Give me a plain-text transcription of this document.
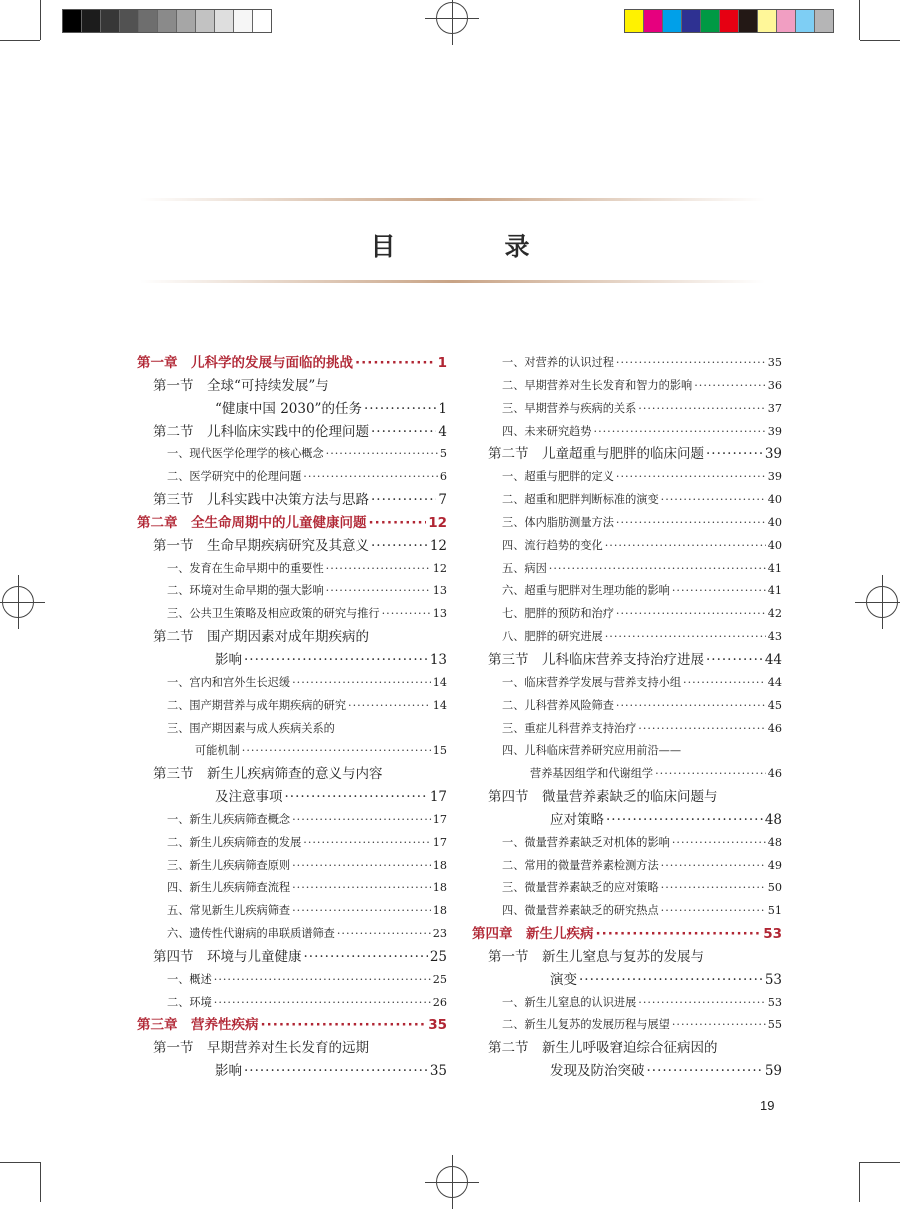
目　录
第一章　儿科学的发展与面临的挑战 ·····	1
第一节　全球“可持续发展”与
“健康中国 2030”的任务 ·····	1
第二节　儿科临床实践中的伦理问题 ·····	4
一、现代医学伦理学的核心概念 ·····	5
二、医学研究中的伦理问题 ·····	6
第三节　儿科实践中决策方法与思路 ·····	7
第二章　全生命周期中的儿童健康问题 ·····	12
第一节　生命早期疾病研究及其意义 ·····	12
一、发育在生命早期中的重要性 ·····	12
二、环境对生命早期的强大影响 ·····	13
三、公共卫生策略及相应政策的研究与推行 ·····	13
第二节　围产期因素对成年期疾病的
影响 ·····	13
一、宫内和宫外生长迟缓 ·····	14
二、围产期营养与成年期疾病的研究 ·····	14
三、围产期因素与成人疾病关系的
可能机制 ·····	15
第三节　新生儿疾病筛查的意义与内容
及注意事项 ·····	17
一、新生儿疾病筛查概念 ·····	17
二、新生儿疾病筛查的发展 ·····	17
三、新生儿疾病筛查原则 ·····	18
四、新生儿疾病筛查流程 ·····	18
五、常见新生儿疾病筛查 ·····	18
六、遗传性代谢病的串联质谱筛查 ·····	23
第四节　环境与儿童健康 ·····	25
一、概述 ·····	25
二、环境 ·····	26
第三章　营养性疾病 ·····	35
第一节　早期营养对生长发育的远期
影响 ·····	35
一、对营养的认识过程 ·····	35
二、早期营养对生长发育和智力的影响 ·····	36
三、早期营养与疾病的关系 ·····	37
四、未来研究趋势 ·····	39
第二节　儿童超重与肥胖的临床问题 ·····	39
一、超重与肥胖的定义 ·····	39
二、超重和肥胖判断标准的演变 ·····	40
三、体内脂肪测量方法 ·····	40
四、流行趋势的变化 ·····	40
五、病因 ·····	41
六、超重与肥胖对生理功能的影响 ·····	41
七、肥胖的预防和治疗 ·····	42
八、肥胖的研究进展 ·····	43
第三节　儿科临床营养支持治疗进展 ·····	44
一、临床营养学发展与营养支持小组 ·····	44
二、儿科营养风险筛查 ·····	45
三、重症儿科营养支持治疗 ·····	46
四、儿科临床营养研究应用前沿——
营养基因组学和代谢组学 ·····	46
第四节　微量营养素缺乏的临床问题与
应对策略 ·····	48
一、微量营养素缺乏对机体的影响 ·····	48
二、常用的微量营养素检测方法 ·····	49
三、微量营养素缺乏的应对策略 ·····	50
四、微量营养素缺乏的研究热点 ·····	51
第四章　新生儿疾病 ·····	53
第一节　新生儿窒息与复苏的发展与
演变 ·····	53
一、新生儿窒息的认识进展 ·····	53
二、新生儿复苏的发展历程与展望 ·····	55
第二节　新生儿呼吸窘迫综合征病因的
发现及防治突破 ·····	59
19
